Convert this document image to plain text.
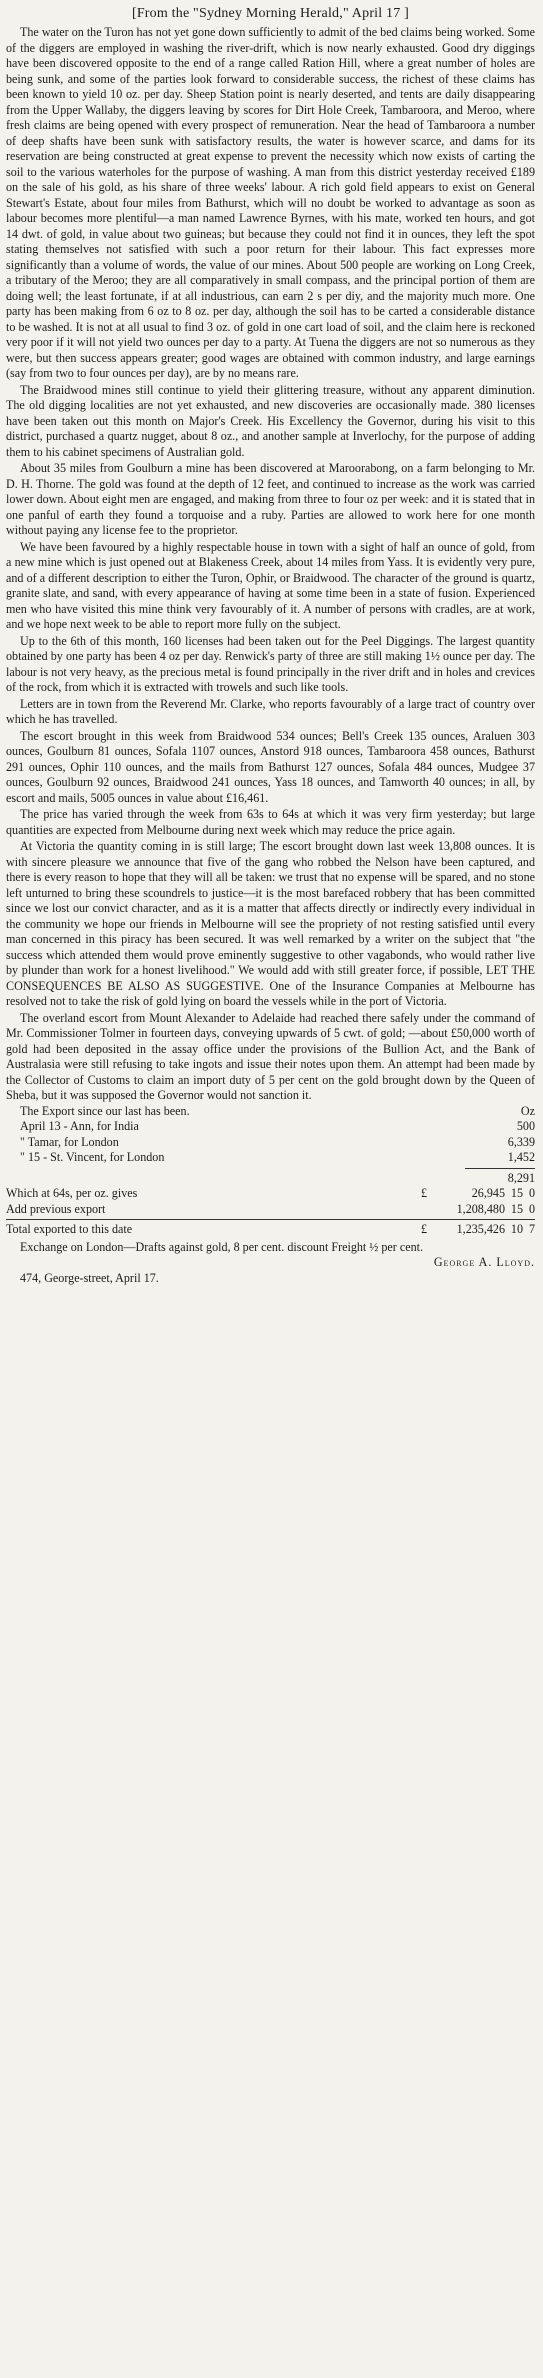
[From the "Sydney Morning Herald," April 17 ]

The water on the Turon has not yet gone down sufficiently to admit of the bed claims being worked. Some of the diggers are employed in washing the river-drift, which is now nearly exhausted. Good dry diggings have been discovered opposite to the end of a range called Ration Hill, where a great number of holes are being sunk, and some of the parties look forward to considerable success, the richest of these claims has been known to yield 10 oz. per day. Sheep Station point is nearly deserted, and tents are daily disappearing from the Upper Wallaby, the diggers leaving by scores for Dirt Hole Creek, Tambaroora, and Meroo, where fresh claims are being opened with every prospect of remuneration. Near the head of Tambaroora a number of deep shafts have been sunk with satisfactory results, the water is however scarce, and dams for its reservation are being constructed at great expense to prevent the necessity which now exists of carting the soil to the various waterholes for the purpose of washing. A man from this district yesterday received £189 on the sale of his gold, as his share of three weeks' labour. A rich gold field appears to exist on General Stewart's Estate, about four miles from Bathurst, which will no doubt be worked to advantage as soon as labour becomes more plentiful—a man named Lawrence Byrnes, with his mate, worked ten hours, and got 14 dwt. of gold, in value about two guineas; but because they could not find it in ounces, they left the spot stating themselves not satisfied with such a poor return for their labour. This fact expresses more significantly than a volume of words, the value of our mines. About 500 people are working on Long Creek, a tributary of the Meroo; they are all comparatively in small compass, and the principal portion of them are doing well; the least fortunate, if at all industrious, can earn 2 s per diy, and the majority much more. One party has been making from 6 oz to 8 oz. per day, although the soil has to be carted a considerable distance to be washed. It is not at all usual to find 3 oz. of gold in one cart load of soil, and the claim here is reckoned very poor if it will not yield two ounces per day to a party. At Tuena the diggers are not so numerous as they were, but then success appears greater; good wages are obtained with common industry, and large earnings (say from two to four ounces per day), are by no means rare.

The Braidwood mines still continue to yield their glittering treasure, without any apparent diminution. The old digging localities are not yet exhausted, and new discoveries are occasionally made. 380 licenses have been taken out this month on Major's Creek. His Excellency the Governor, during his visit to this district, purchased a quartz nugget, about 8 oz., and another sample at Inverlochy, for the purpose of adding them to his cabinet specimens of Australian gold.

About 35 miles from Goulburn a mine has been discovered at Maroorabong, on a farm belonging to Mr. D. H. Thorne. The gold was found at the depth of 12 feet, and continued to increase as the work was carried lower down. About eight men are engaged, and making from three to four oz per week: and it is stated that in one panful of earth they found a torquoise and a ruby. Parties are allowed to work here for one month without paying any license fee to the proprietor.

We have been favoured by a highly respectable house in town with a sight of half an ounce of gold, from a new mine which is just opened out at Blakeness Creek, about 14 miles from Yass. It is evidently very pure, and of a different description to either the Turon, Ophir, or Braidwood. The character of the ground is quartz, granite slate, and sand, with every appearance of having at some time been in a state of fusion. Experienced men who have visited this mine think very favourably of it. A number of persons with cradles, are at work, and we hope next week to be able to report more fully on the subject.

Up to the 6th of this month, 160 licenses had been taken out for the Peel Diggings. The largest quantity obtained by one party has been 4 oz per day. Renwick's party of three are still making 1½ ounce per day. The labour is not very heavy, as the precious metal is found principally in the river drift and in holes and crevices of the rock, from which it is extracted with trowels and such like tools.

Letters are in town from the Reverend Mr. Clarke, who reports favourably of a large tract of country over which he has travelled.

The escort brought in this week from Braidwood 534 ounces; Bell's Creek 135 ounces, Araluen 303 ounces, Goulburn 81 ounces, Sofala 1107 ounces, Anstord 918 ounces, Tambaroora 458 ounces, Bathurst 291 ounces, Ophir 110 ounces, and the mails from Bathurst 127 ounces, Sofala 484 ounces, Mudgee 37 ounces, Goulburn 92 ounces, Braidwood 241 ounces, Yass 18 ounces, and Tamworth 40 ounces; in all, by escort and mails, 5005 ounces in value about £16,461.

The price has varied through the week from 63s to 64s at which it was very firm yesterday; but large quantities are expected from Melbourne during next week which may reduce the price again.

At Victoria the quantity coming in is still large; The escort brought down last week 13,808 ounces. It is with sincere pleasure we announce that five of the gang who robbed the Nelson have been captured, and there is every reason to hope that they will all be taken: we trust that no expense will be spared, and no stone left unturned to bring these scoundrels to justice—it is the most barefaced robbery that has been committed since we lost our convict character, and as it is a matter that affects directly or indirectly every individual in the community we hope our friends in Melbourne will see the propriety of not resting satisfied until every man concerned in this piracy has been secured. It was well remarked by a writer on the subject that "the success which attended them would prove eminently suggestive to other vagabonds, who would rather live by plunder than work for a honest livelihood." We would add with still greater force, if possible, LET THE CONSEQUENCES BE ALSO AS SUGGESTIVE. One of the Insurance Companies at Melbourne has resolved not to take the risk of gold lying on board the vessels while in the port of Victoria.

The overland escort from Mount Alexander to Adelaide had reached there safely under the command of Mr. Commissioner Tolmer in fourteen days, conveying upwards of 5 cwt. of gold; —about £50,000 worth of gold had been deposited in the assay office under the provisions of the Bullion Act, and the Bank of Australasia were still refusing to take ingots and issue their notes upon them. An attempt had been made by the Collector of Customs to claim an import duty of 5 per cent on the gold brought down by the Queen of Sheba, but it was supposed the Governor would not sanction it.

The Export since our last has been.	Oz
April 13 - Ann, for India	500
" Tamar, for London	6,339
" 15 - St. Vincent, for London	1,452
8,291
Which at 64s, per oz. gives	£	26,945 15 0
Add previous export	1,208,480 15 0
Total exported to this date	£	1,235,426 10 7

Exchange on London—Drafts against gold, 8 per cent. discount Freight ½ per cent.

George A. Lloyd.
474, George-street, April 17.
